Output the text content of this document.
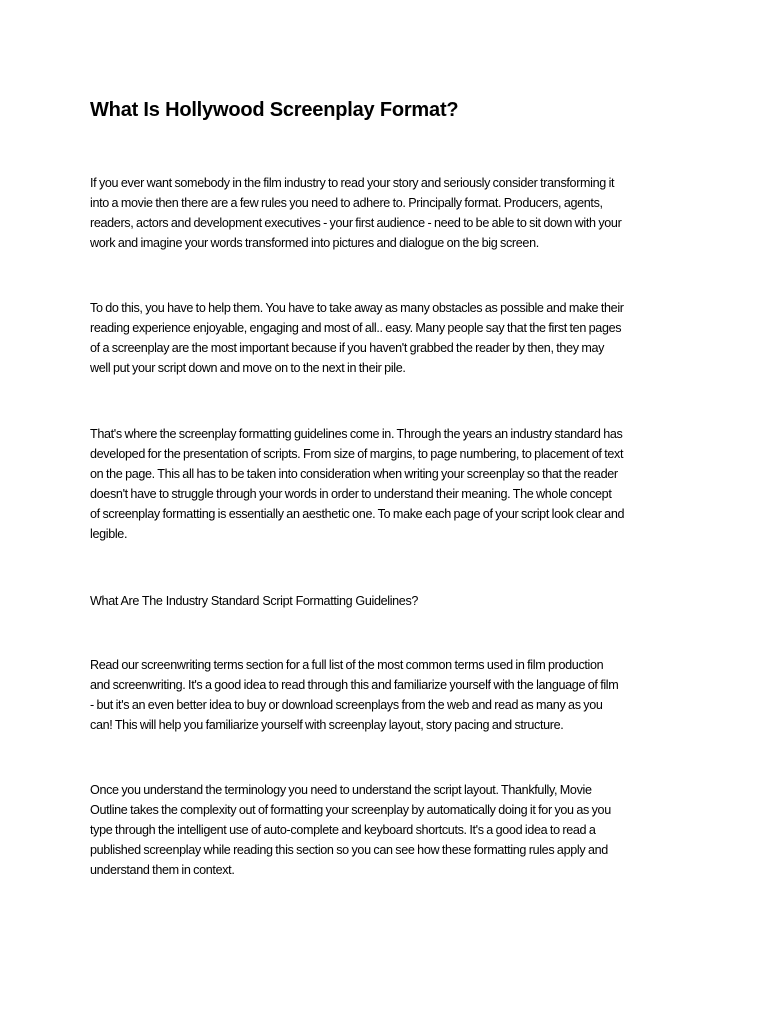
What Is Hollywood Screenplay Format?

If you ever want somebody in the film industry to read your story and seriously consider transforming it
into a movie then there are a few rules you need to adhere to. Principally format. Producers, agents,
readers, actors and development executives - your first audience - need to be able to sit down with your
work and imagine your words transformed into pictures and dialogue on the big screen.

To do this, you have to help them. You have to take away as many obstacles as possible and make their
reading experience enjoyable, engaging and most of all.. easy. Many people say that the first ten pages
of a screenplay are the most important because if you haven't grabbed the reader by then, they may
well put your script down and move on to the next in their pile.

That's where the screenplay formatting guidelines come in. Through the years an industry standard has
developed for the presentation of scripts. From size of margins, to page numbering, to placement of text
on the page. This all has to be taken into consideration when writing your screenplay so that the reader
doesn't have to struggle through your words in order to understand their meaning. The whole concept
of screenplay formatting is essentially an aesthetic one. To make each page of your script look clear and
legible.

What Are The Industry Standard Script Formatting Guidelines?

Read our screenwriting terms section for a full list of the most common terms used in film production
and screenwriting. It's a good idea to read through this and familiarize yourself with the language of film
- but it's an even better idea to buy or download screenplays from the web and read as many as you
can! This will help you familiarize yourself with screenplay layout, story pacing and structure.

Once you understand the terminology you need to understand the script layout. Thankfully, Movie
Outline takes the complexity out of formatting your screenplay by automatically doing it for you as you
type through the intelligent use of auto-complete and keyboard shortcuts. It's a good idea to read a
published screenplay while reading this section so you can see how these formatting rules apply and
understand them in context.
